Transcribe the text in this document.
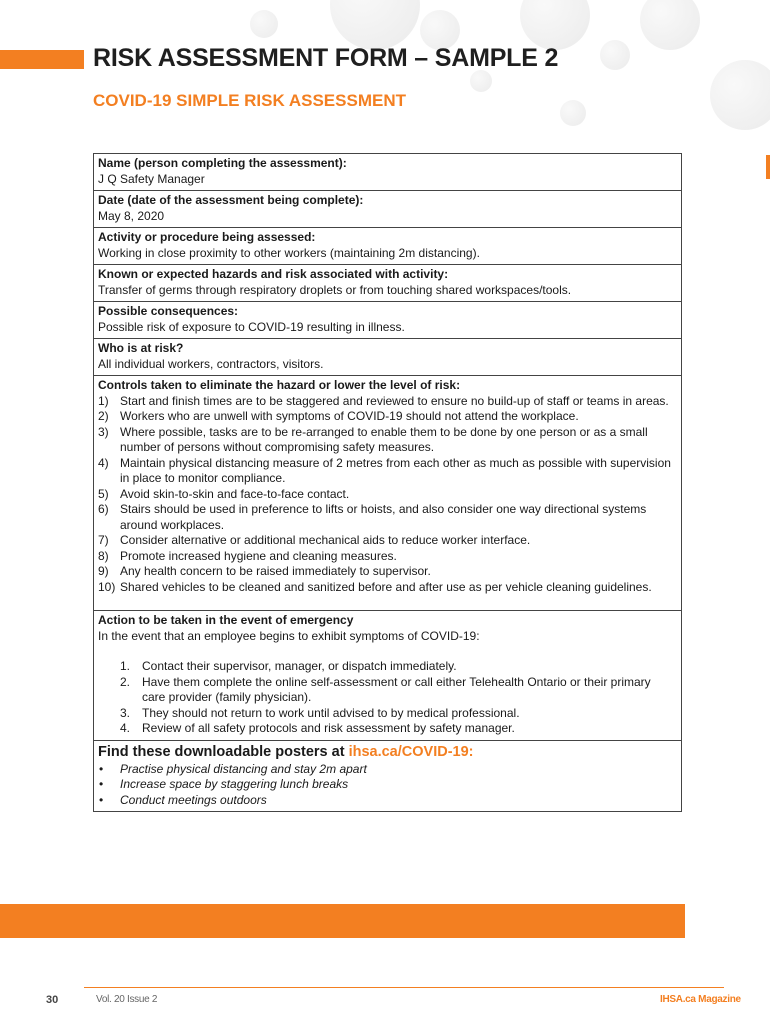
RISK ASSESSMENT FORM – SAMPLE 2
COVID-19 SIMPLE RISK ASSESSMENT
Name (person completing the assessment):
J Q Safety Manager
Date (date of the assessment being complete):
May 8, 2020
Activity or procedure being assessed:
Working in close proximity to other workers (maintaining 2m distancing).
Known or expected hazards and risk associated with activity:
Transfer of germs through respiratory droplets or from touching shared workspaces/tools.
Possible consequences:
Possible risk of exposure to COVID-19 resulting in illness.
Who is at risk?
All individual workers, contractors, visitors.
Controls taken to eliminate the hazard or lower the level of risk:
1) Start and finish times are to be staggered and reviewed to ensure no build-up of staff or teams in areas.
2) Workers who are unwell with symptoms of COVID-19 should not attend the workplace.
3) Where possible, tasks are to be re-arranged to enable them to be done by one person or as a small number of persons without compromising safety measures.
4) Maintain physical distancing measure of 2 metres from each other as much as possible with supervision in place to monitor compliance.
5) Avoid skin-to-skin and face-to-face contact.
6) Stairs should be used in preference to lifts or hoists, and also consider one way directional systems around workplaces.
7) Consider alternative or additional mechanical aids to reduce worker interface.
8) Promote increased hygiene and cleaning measures.
9) Any health concern to be raised immediately to supervisor.
10) Shared vehicles to be cleaned and sanitized before and after use as per vehicle cleaning guidelines.
Action to be taken in the event of emergency
In the event that an employee begins to exhibit symptoms of COVID-19:
1. Contact their supervisor, manager, or dispatch immediately.
2. Have them complete the online self-assessment or call either Telehealth Ontario or their primary care provider (family physician).
3. They should not return to work until advised to by medical professional.
4. Review of all safety protocols and risk assessment by safety manager.
Find these downloadable posters at ihsa.ca/COVID-19:
• Practise physical distancing and stay 2m apart
• Increase space by staggering lunch breaks
• Conduct meetings outdoors
30	Vol. 20 Issue 2	IHSA.ca Magazine
